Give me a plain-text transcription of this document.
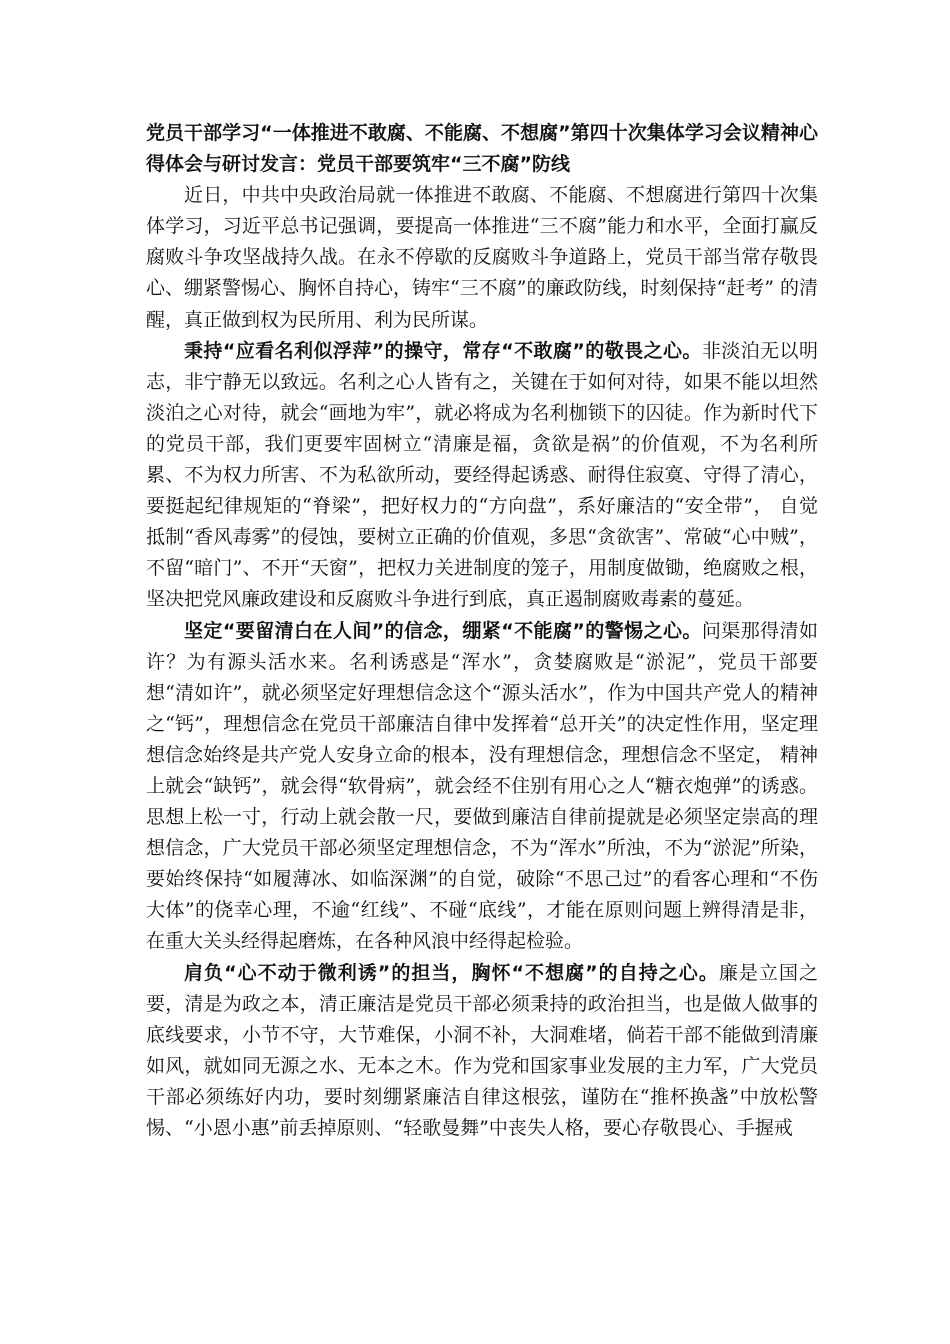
党员干部学习“一体推进不敢腐、不能腐、不想腐”第四十次集体学习会议精神心得体会与研讨发言：党员干部要筑牢“三不腐”防线

近日，中共中央政治局就一体推进不敢腐、不能腐、不想腐进行第四十次集体学习，习近平总书记强调，要提高一体推进“三不腐”能力和水平，全面打赢反腐败斗争攻坚战持久战。在永不停歇的反腐败斗争道路上，党员干部当常存敬畏心、绷紧警惕心、胸怀自持心，铸牢“三不腐”的廉政防线，时刻保持“赶考” 的清醒，真正做到权为民所用、利为民所谋。

秉持“应看名利似浮萍”的操守，常存“不敢腐”的敬畏之心。非淡泊无以明志，非宁静无以致远。名利之心人皆有之，关键在于如何对待，如果不能以坦然淡泊之心对待，就会“画地为牢”，就必将成为名利枷锁下的囚徒。作为新时代下的党员干部，我们更要牢固树立“清廉是福，贪欲是祸”的价值观，不为名利所累、不为权力所害、不为私欲所动，要经得起诱惑、耐得住寂寞、守得了清心，要挺起纪律规矩的“脊梁”，把好权力的“方向盘”，系好廉洁的“安全带”， 自觉抵制“香风毒雾”的侵蚀，要树立正确的价值观，多思“贪欲害”、常破“心中贼”，不留“暗门”、不开“天窗”，把权力关进制度的笼子，用制度做锄，绝腐败之根，坚决把党风廉政建设和反腐败斗争进行到底，真正遏制腐败毒素的蔓延。

坚定“要留清白在人间”的信念，绷紧“不能腐”的警惕之心。问渠那得清如许？为有源头活水来。名利诱惑是“浑水”，贪婪腐败是“淤泥”，党员干部要想“清如许”，就必须坚定好理想信念这个“源头活水”，作为中国共产党人的精神之“钙”，理想信念在党员干部廉洁自律中发挥着“总开关”的决定性作用，坚定理想信念始终是共产党人安身立命的根本，没有理想信念，理想信念不坚定， 精神上就会“缺钙”，就会得“软骨病”，就会经不住别有用心之人“糖衣炮弹”的诱惑。思想上松一寸，行动上就会散一尺，要做到廉洁自律前提就是必须坚定崇高的理想信念，广大党员干部必须坚定理想信念，不为“浑水”所浊，不为“淤泥”所染，要始终保持“如履薄冰、如临深渊”的自觉，破除“不思己过”的看客心理和“不伤大体”的侥幸心理，不逾“红线”、不碰“底线”，才能在原则问题上辨得清是非，在重大关头经得起磨炼，在各种风浪中经得起检验。

肩负“心不动于微利诱”的担当，胸怀“不想腐”的自持之心。廉是立国之要，清是为政之本，清正廉洁是党员干部必须秉持的政治担当，也是做人做事的底线要求，小节不守，大节难保，小洞不补，大洞难堵，倘若干部不能做到清廉如风，就如同无源之水、无本之木。作为党和国家事业发展的主力军，广大党员干部必须练好内功，要时刻绷紧廉洁自律这根弦，谨防在“推杯换盏”中放松警惕、“小恩小惠”前丢掉原则、“轻歌曼舞”中丧失人格，要心存敬畏心、手握戒
